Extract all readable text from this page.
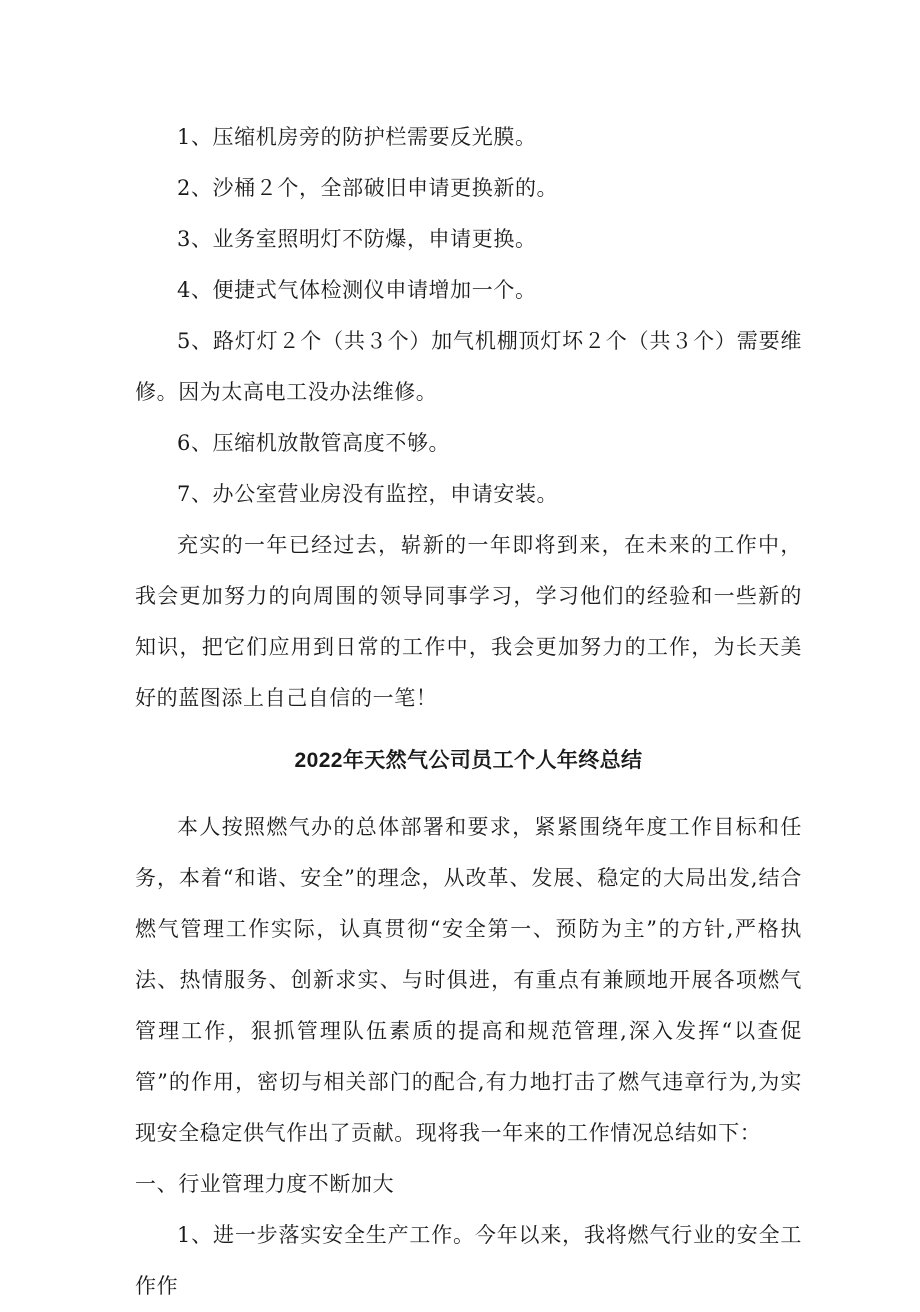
1、压缩机房旁的防护栏需要反光膜。

2、沙桶２个，全部破旧申请更换新的。

3、业务室照明灯不防爆，申请更换。

4、便捷式气体检测仪申请增加一个。

5、路灯灯２个（共３个）加气机棚顶灯坏２个（共３个）需要维修。因为太高电工没办法维修。

6、压缩机放散管高度不够。

7、办公室营业房没有监控，申请安装。

充实的一年已经过去，崭新的一年即将到来，在未来的工作中，我会更加努力的向周围的领导同事学习，学习他们的经验和一些新的知识，把它们应用到日常的工作中，我会更加努力的工作，为长天美好的蓝图添上自己自信的一笔！

2022年天然气公司员工个人年终总结

本人按照燃气办的总体部署和要求，紧紧围绕年度工作目标和任务，本着“和谐、安全”的理念，从改革、发展、稳定的大局出发,结合燃气管理工作实际，认真贯彻“安全第一、预防为主”的方针,严格执法、热情服务、创新求实、与时俱进，有重点有兼顾地开展各项燃气管理工作，狠抓管理队伍素质的提高和规范管理,深入发挥“以查促管”的作用，密切与相关部门的配合,有力地打击了燃气违章行为,为实现安全稳定供气作出了贡献。现将我一年来的工作情况总结如下：

一、行业管理力度不断加大

1、进一步落实安全生产工作。今年以来，我将燃气行业的安全工作作
